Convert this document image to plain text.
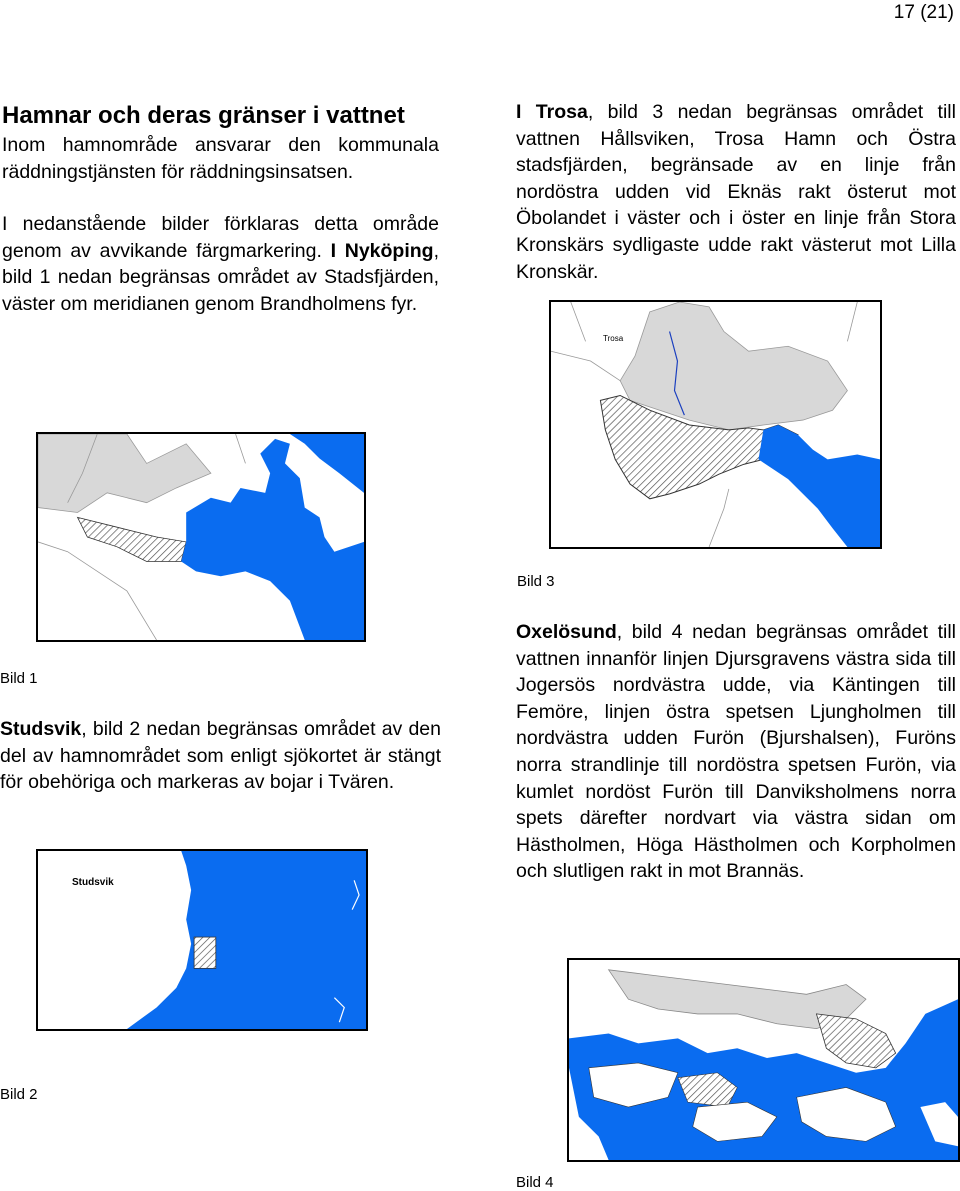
17 (21)
Hamnar och deras gränser i vattnet

Inom hamnområde ansvarar den kommunala räddningstjänsten för räddningsinsatsen.

I nedanstående bilder förklaras detta område genom av avvikande färgmarkering. I Nyköping, bild 1 nedan begränsas området av Stadsfjärden, väster om meridianen genom Brandholmens fyr.

Bild 1

Studsvik, bild 2 nedan begränsas området av den del av hamnområdet som enligt sjökortet är stängt för obehöriga och markeras av bojar i Tvären.

Studsvik
Bild 2

I Trosa, bild 3 nedan begränsas området till vattnen Hållsviken, Trosa Hamn och Östra stadsfjärden, begränsade av en linje från nordöstra udden vid Eknäs rakt österut mot Öbolandet i väster och i öster en linje från Stora Kronskärs sydligaste udde rakt västerut mot Lilla Kronskär.

Trosa
Bild 3

Oxelösund, bild 4 nedan begränsas området till vattnen innanför linjen Djursgravens västra sida till Jogersös nordvästra udde, via Käntingen till Femöre, linjen östra spetsen Ljungholmen till nordvästra udden Furön (Bjurshalsen), Furöns norra strandlinje till nordöstra spetsen Furön, via kumlet nordöst Furön till Danviksholmens norra spets därefter nordvart via västra sidan om Hästholmen, Höga Hästholmen och Korpholmen och slutligen rakt in mot Brannäs.

JOGERSÖ
FEMÖRE	FURÖN
Bild 4
